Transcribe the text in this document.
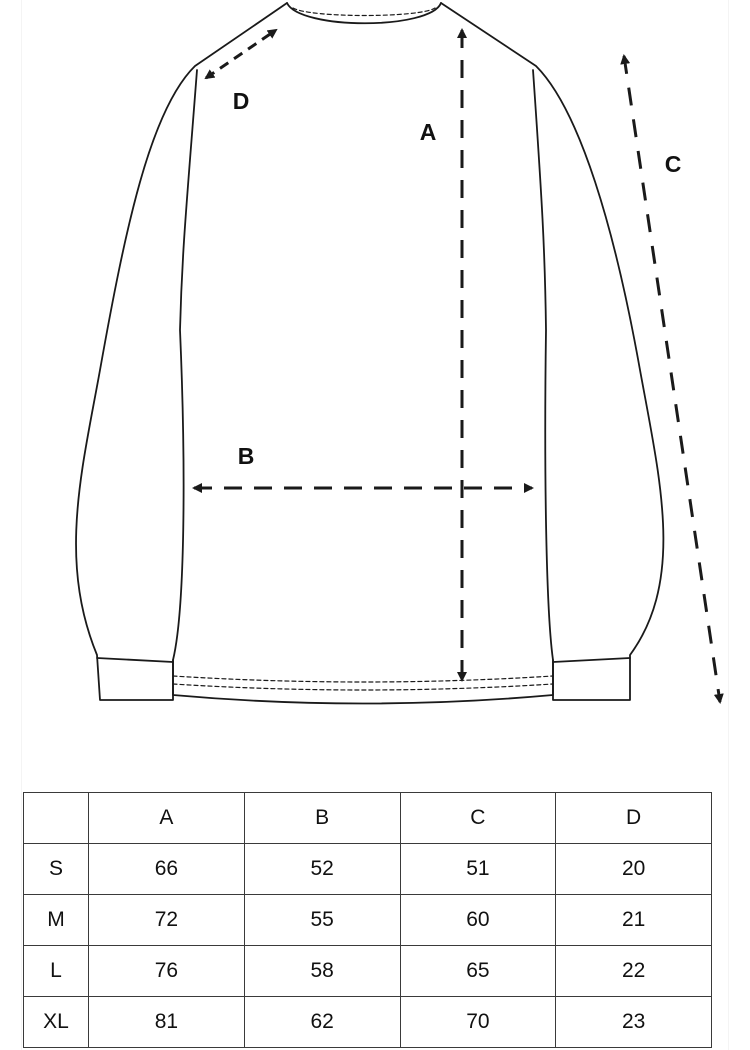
A
B
C
D
	A	B	C	D
S	66	52	51	20
M	72	55	60	21
L	76	58	65	22
XL	81	62	70	23
